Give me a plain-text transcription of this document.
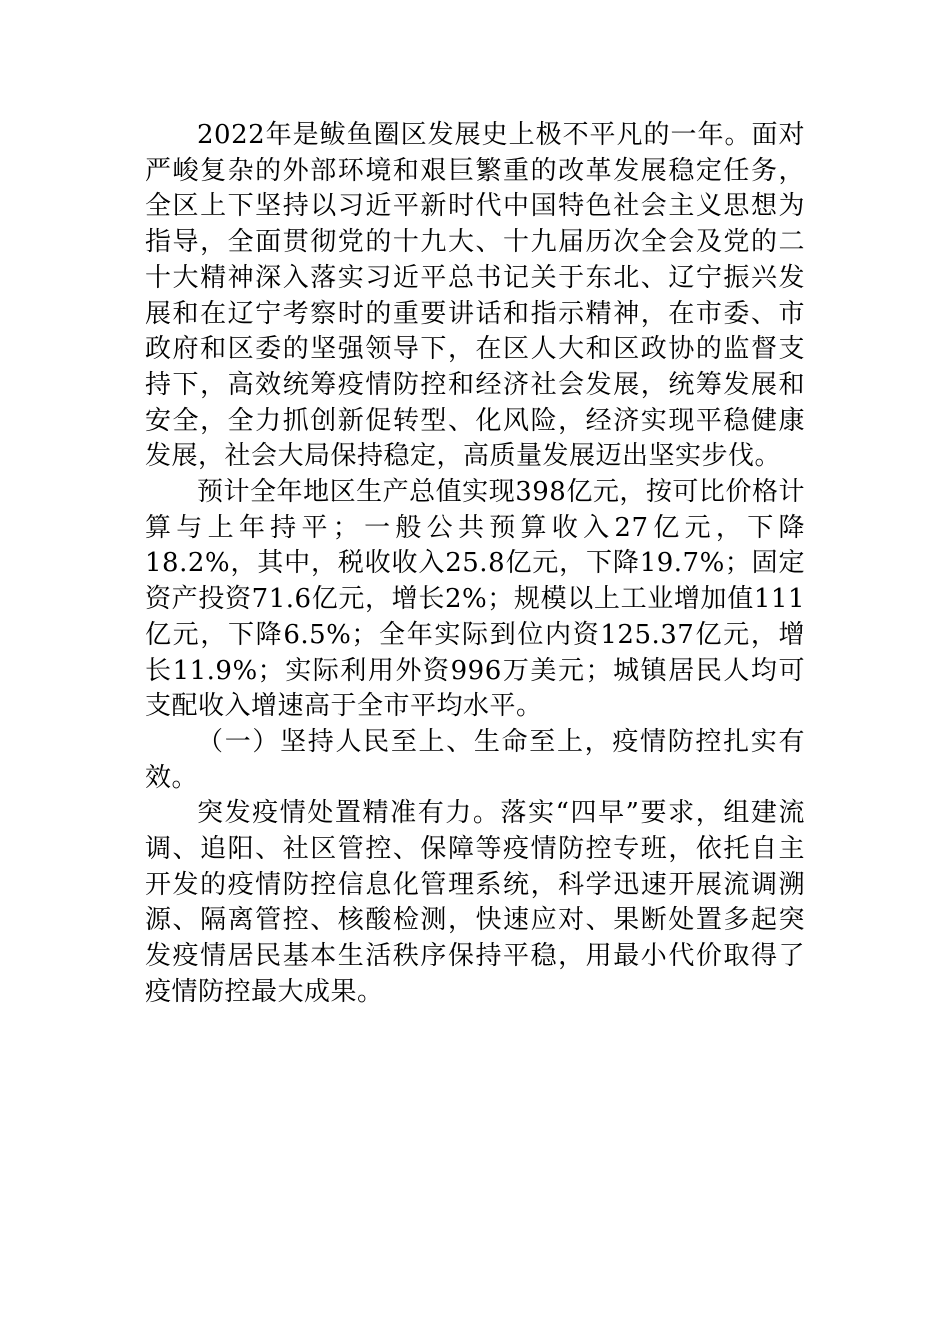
2022年是鲅鱼圈区发展史上极不平凡的一年。面对严峻复杂的外部环境和艰巨繁重的改革发展稳定任务，全区上下坚持以习近平新时代中国特色社会主义思想为指导，全面贯彻党的十九大、十九届历次全会及党的二十大精神深入落实习近平总书记关于东北、辽宁振兴发展和在辽宁考察时的重要讲话和指示精神，在市委、市政府和区委的坚强领导下，在区人大和区政协的监督支持下，高效统筹疫情防控和经济社会发展，统筹发展和安全，全力抓创新促转型、化风险，经济实现平稳健康发展，社会大局保持稳定，高质量发展迈出坚实步伐。

预计全年地区生产总值实现398亿元，按可比价格计算与上年持平；一般公共预算收入27亿元，下降18.2%，其中，税收收入25.8亿元，下降19.7%；固定资产投资71.6亿元，增长2%；规模以上工业增加值111亿元，下降6.5%；全年实际到位内资125.37亿元，增长11.9%；实际利用外资996万美元；城镇居民人均可支配收入增速高于全市平均水平。

（一）坚持人民至上、生命至上，疫情防控扎实有效。

突发疫情处置精准有力。落实“四早”要求，组建流调、追阳、社区管控、保障等疫情防控专班，依托自主开发的疫情防控信息化管理系统，科学迅速开展流调溯源、隔离管控、核酸检测，快速应对、果断处置多起突发疫情居民基本生活秩序保持平稳，用最小代价取得了疫情防控最大成果。
